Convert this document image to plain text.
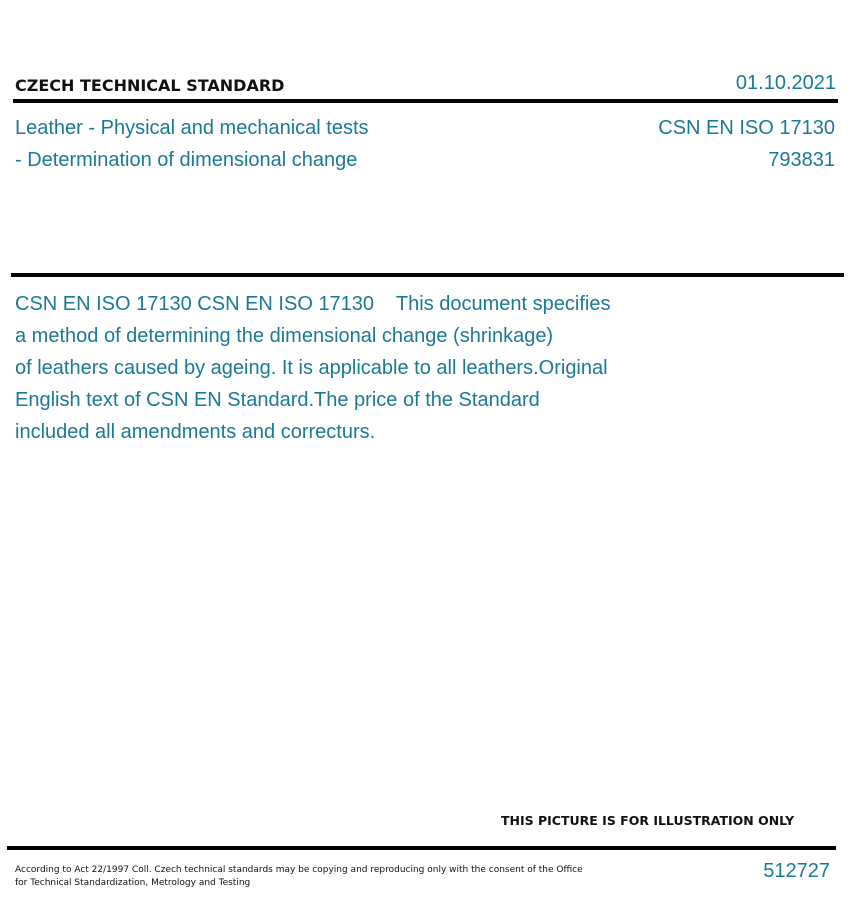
CZECH TECHNICAL STANDARD	01.10.2021
Leather - Physical and mechanical tests
- Determination of dimensional change
CSN EN ISO 17130
793831
CSN EN ISO 17130 CSN EN ISO 17130    This document specifies
a method of determining the dimensional change (shrinkage)
of leathers caused by ageing. It is applicable to all leathers.Original
English text of CSN EN Standard.The price of the Standard
included all amendments and correcturs.
THIS PICTURE IS FOR ILLUSTRATION ONLY
According to Act 22/1997 Coll. Czech technical standards may be copying and reproducing only with the consent of the Office
for Technical Standardization, Metrology and Testing
512727
